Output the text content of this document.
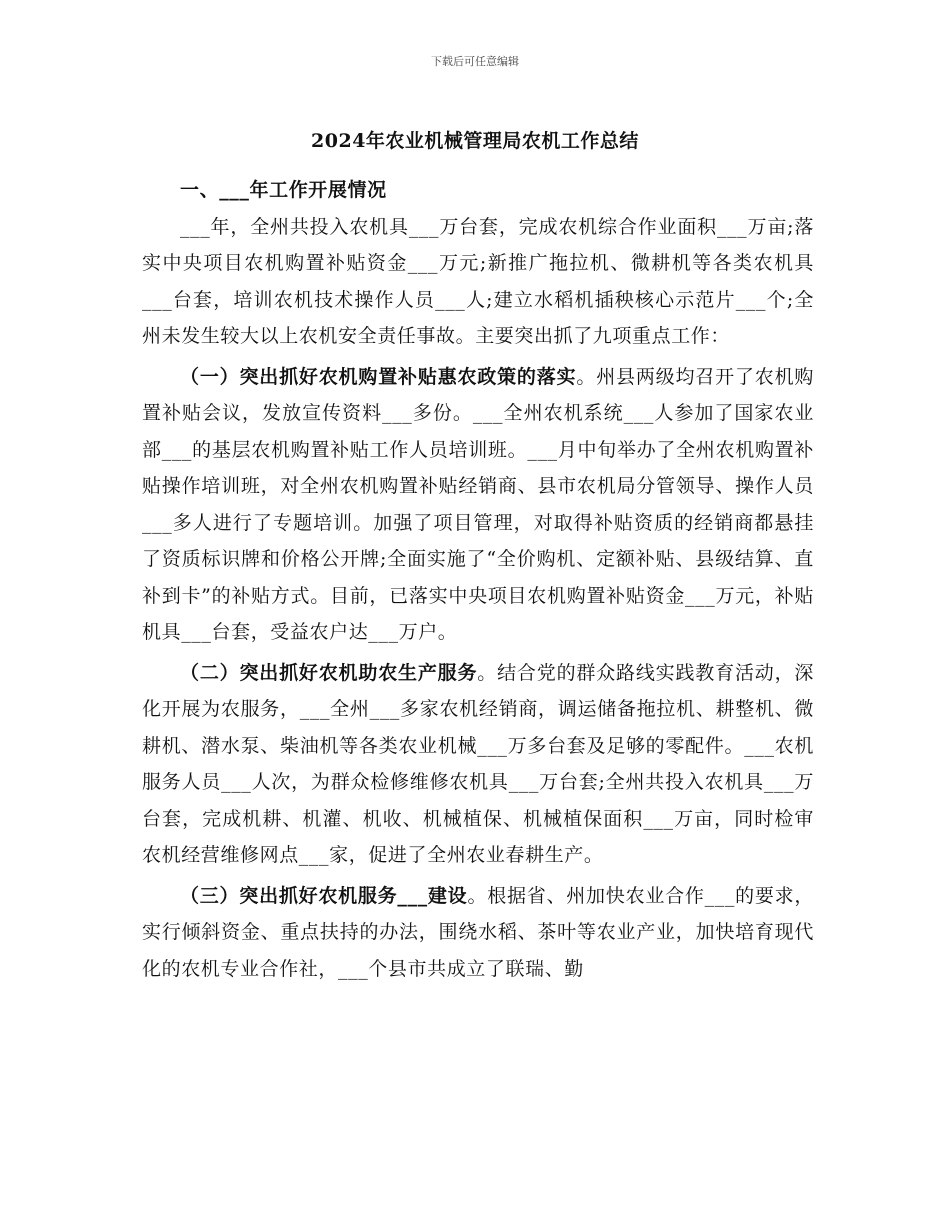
下载后可任意编辑
2024年农业机械管理局农机工作总结

一、___年工作开展情况

___年，全州共投入农机具___万台套，完成农机综合作业面积___万亩;落实中央项目农机购置补贴资金___万元;新推广拖拉机、微耕机等各类农机具___台套，培训农机技术操作人员___人;建立水稻机插秧核心示范片___个;全州未发生较大以上农机安全责任事故。主要突出抓了九项重点工作：

（一）突出抓好农机购置补贴惠农政策的落实。州县两级均召开了农机购置补贴会议，发放宣传资料___多份。___全州农机系统___人参加了国家农业部___的基层农机购置补贴工作人员培训班。___月中旬举办了全州农机购置补贴操作培训班，对全州农机购置补贴经销商、县市农机局分管领导、操作人员___多人进行了专题培训。加强了项目管理，对取得补贴资质的经销商都悬挂了资质标识牌和价格公开牌;全面实施了“全价购机、定额补贴、县级结算、直补到卡”的补贴方式。目前，已落实中央项目农机购置补贴资金___万元，补贴机具___台套，受益农户达___万户。

（二）突出抓好农机助农生产服务。结合党的群众路线实践教育活动，深化开展为农服务，___全州___多家农机经销商，调运储备拖拉机、耕整机、微耕机、潜水泵、柴油机等各类农业机械___万多台套及足够的零配件。___农机服务人员___人次，为群众检修维修农机具___万台套;全州共投入农机具___万台套，完成机耕、机灌、机收、机械植保、机械植保面积___万亩，同时检审农机经营维修网点___家，促进了全州农业春耕生产。

（三）突出抓好农机服务___建设。根据省、州加快农业合作___的要求，实行倾斜资金、重点扶持的办法，围绕水稻、茶叶等农业产业，加快培育现代化的农机专业合作社，___个县市共成立了联瑞、勤
